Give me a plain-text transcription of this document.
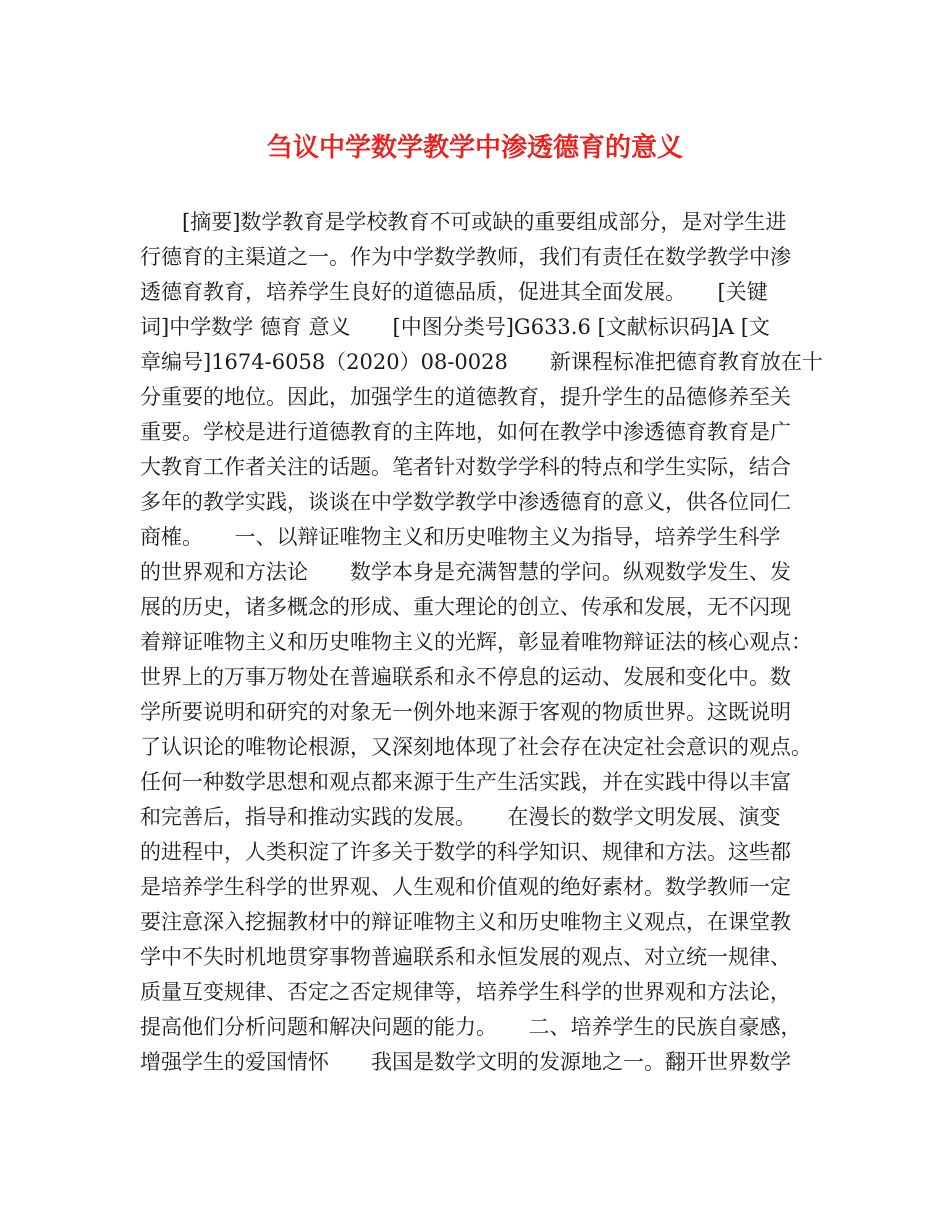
刍议中学数学教学中渗透德育的意义
　　[摘要]数学教育是学校教育不可或缺的重要组成部分，是对学生进
行德育的主渠道之一。作为中学数学教师，我们有责任在数学教学中渗
透德育教育，培养学生良好的道德品质，促进其全面发展。　　[关键
词]中学数学 德育 意义　　[中图分类号]G633.6 [文献标识码]A [文
章编号]1674-6058（2020）08-0028　　新课程标准把德育教育放在十
分重要的地位。因此，加强学生的道德教育，提升学生的品德修养至关
重要。学校是进行道德教育的主阵地，如何在教学中渗透德育教育是广
大教育工作者关注的话题。笔者针对数学学科的特点和学生实际，结合
多年的教学实践，谈谈在中学数学教学中渗透德育的意义，供各位同仁
商榷。　　一、以辩证唯物主义和历史唯物主义为指导，培养学生科学
的世界观和方法论　　数学本身是充满智慧的学问。纵观数学发生、发
展的历史，诸多概念的形成、重大理论的创立、传承和发展，无不闪现
着辩证唯物主义和历史唯物主义的光辉，彰显着唯物辩证法的核心观点：
世界上的万事万物处在普遍联系和永不停息的运动、发展和变化中。数
学所要说明和研究的对象无一例外地来源于客观的物质世界。这既说明
了认识论的唯物论根源，又深刻地体现了社会存在决定社会意识的观点。
任何一种数学思想和观点都来源于生产生活实践，并在实践中得以丰富
和完善后，指导和推动实践的发展。　　在漫长的数学文明发展、演变
的进程中，人类积淀了许多关于数学的科学知识、规律和方法。这些都
是培养学生科学的世界观、人生观和价值观的绝好素材。数学教师一定
要注意深入挖掘教材中的辩证唯物主义和历史唯物主义观点，在课堂教
学中不失时机地贯穿事物普遍联系和永恒发展的观点、对立统一规律、
质量互变规律、否定之否定规律等，培养学生科学的世界观和方法论，
提高他们分析问题和解决问题的能力。　　二、培养学生的民族自豪感，
增强学生的爱国情怀　　我国是数学文明的发源地之一。翻开世界数学
